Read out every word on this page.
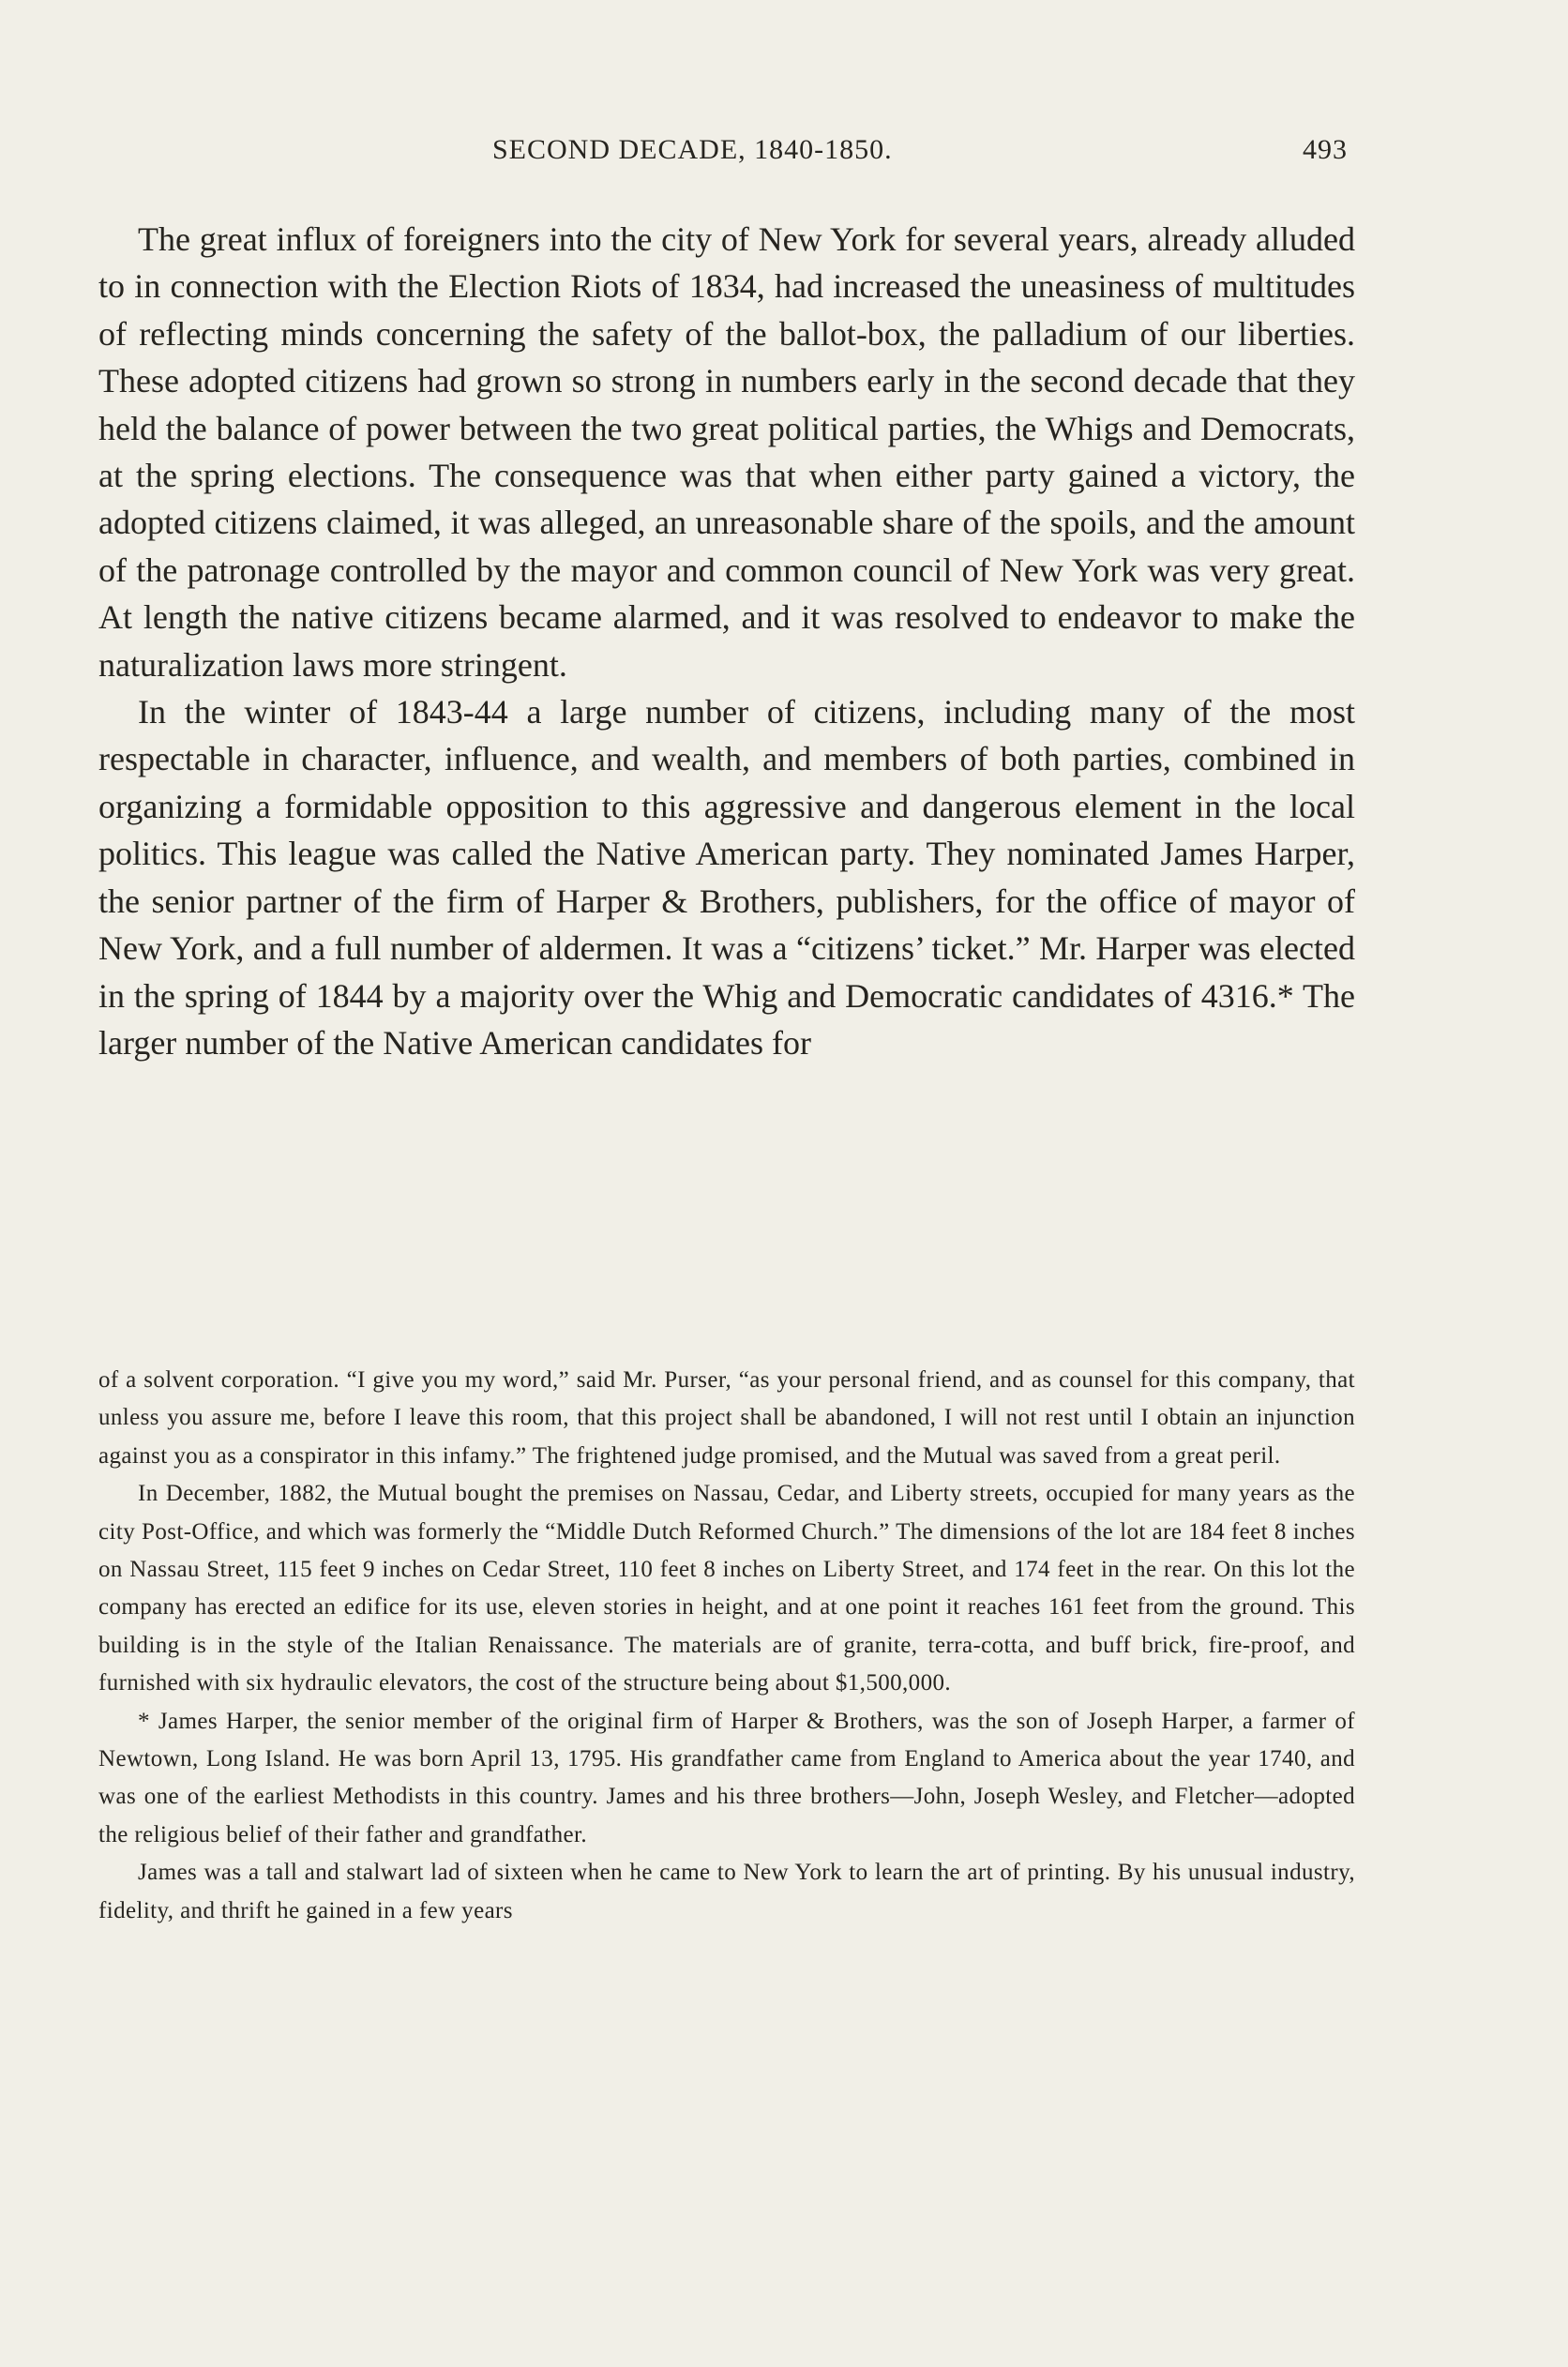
SECOND DECADE, 1840-1850.	493

The great influx of foreigners into the city of New York for several years, already alluded to in connection with the Election Riots of 1834, had increased the uneasiness of multitudes of reflecting minds concerning the safety of the ballot-box, the palladium of our liberties. These adopted citizens had grown so strong in numbers early in the second decade that they held the balance of power between the two great political parties, the Whigs and Democrats, at the spring elections. The consequence was that when either party gained a victory, the adopted citizens claimed, it was alleged, an unreasonable share of the spoils, and the amount of the patronage controlled by the mayor and common council of New York was very great. At length the native citizens became alarmed, and it was resolved to endeavor to make the naturalization laws more stringent.

In the winter of 1843-44 a large number of citizens, including many of the most respectable in character, influence, and wealth, and members of both parties, combined in organizing a formidable opposition to this aggressive and dangerous element in the local politics. This league was called the Native American party. They nominated James Harper, the senior partner of the firm of Harper & Brothers, publishers, for the office of mayor of New York, and a full number of aldermen. It was a “citizens’ ticket.” Mr. Harper was elected in the spring of 1844 by a majority over the Whig and Democratic candidates of 4316.* The larger number of the Native American candidates for

of a solvent corporation. “I give you my word,” said Mr. Purser, “as your personal friend, and as counsel for this company, that unless you assure me, before I leave this room, that this project shall be abandoned, I will not rest until I obtain an injunction against you as a conspirator in this infamy.” The frightened judge promised, and the Mutual was saved from a great peril.

In December, 1882, the Mutual bought the premises on Nassau, Cedar, and Liberty streets, occupied for many years as the city Post-Office, and which was formerly the “Middle Dutch Reformed Church.” The dimensions of the lot are 184 feet 8 inches on Nassau Street, 115 feet 9 inches on Cedar Street, 110 feet 8 inches on Liberty Street, and 174 feet in the rear. On this lot the company has erected an edifice for its use, eleven stories in height, and at one point it reaches 161 feet from the ground. This building is in the style of the Italian Renaissance. The materials are of granite, terra-cotta, and buff brick, fire-proof, and furnished with six hydraulic elevators, the cost of the structure being about $1,500,000.

* James Harper, the senior member of the original firm of Harper & Brothers, was the son of Joseph Harper, a farmer of Newtown, Long Island. He was born April 13, 1795. His grandfather came from England to America about the year 1740, and was one of the earliest Methodists in this country. James and his three brothers—John, Joseph Wesley, and Fletcher—adopted the religious belief of their father and grandfather.

James was a tall and stalwart lad of sixteen when he came to New York to learn the art of printing. By his unusual industry, fidelity, and thrift he gained in a few years
